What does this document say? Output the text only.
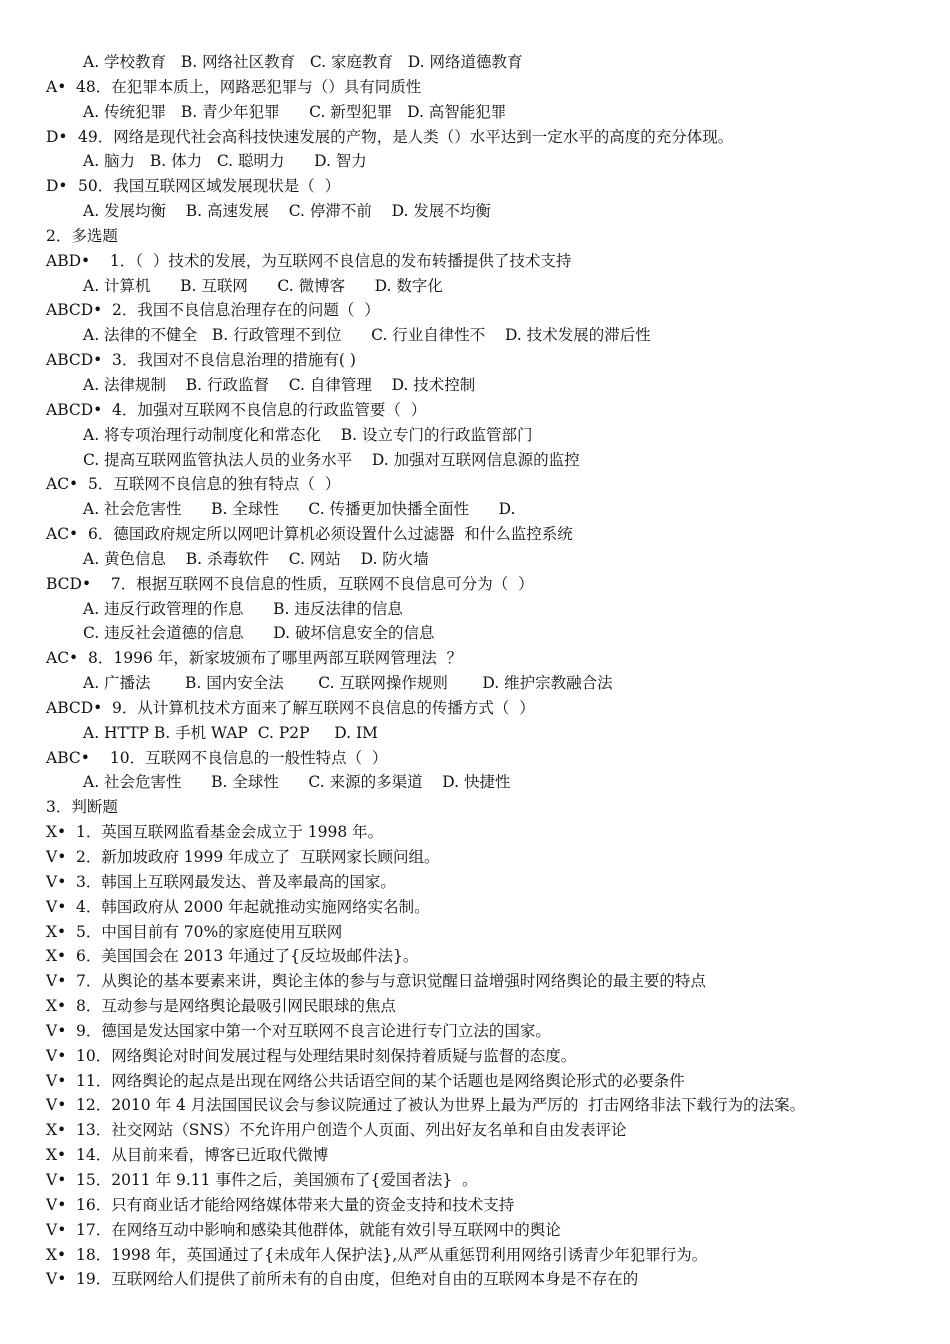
A. 学校教育   B. 网络社区教育   C. 家庭教育   D. 网络道德教育
A• 48．在犯罪本质上，网路恶犯罪与（）具有同质性
A. 传统犯罪   B. 青少年犯罪      C. 新型犯罪   D. 高智能犯罪
D• 49．网络是现代社会高科技快速发展的产物，是人类（）水平达到一定水平的高度的充分体现。
A. 脑力   B. 体力   C. 聪明力      D. 智力
D• 50．我国互联网区域发展现状是（  ）
A. 发展均衡    B. 高速发展    C. 停滞不前    D. 发展不均衡
2．多选题
ABD• 1．（  ）技术的发展，为互联网不良信息的发布转播提供了技术支持
A. 计算机      B. 互联网      C. 微博客      D. 数字化
ABCD• 2．我国不良信息治理存在的问题（  ）
A. 法律的不健全   B. 行政管理不到位      C. 行业自律性不    D. 技术发展的滞后性
ABCD• 3．我国对不良信息治理的措施有( )
A. 法律规制    B. 行政监督    C. 自律管理    D. 技术控制
ABCD• 4．加强对互联网不良信息的行政监管要（  ）
A. 将专项治理行动制度化和常态化    B. 设立专门的行政监管部门
C. 提高互联网监管执法人员的业务水平    D. 加强对互联网信息源的监控
AC• 5．互联网不良信息的独有特点（  ）
A. 社会危害性      B. 全球性      C. 传播更加快播全面性      D.
AC• 6．德国政府规定所以网吧计算机必须设置什么过滤器  和什么监控系统
A. 黄色信息    B. 杀毒软件    C. 网站    D. 防火墙
BCD• 7．根据互联网不良信息的性质，互联网不良信息可分为（  ）
A. 违反行政管理的作息      B. 违反法律的信息
C. 违反社会道德的信息      D. 破坏信息安全的信息
AC• 8．1996 年，新家坡颁布了哪里两部互联网管理法  ？
A. 广播法       B. 国内安全法       C. 互联网操作规则       D. 维护宗教融合法
ABCD• 9．从计算机技术方面来了解互联网不良信息的传播方式（  ）
A. HTTP B. 手机 WAP  C. P2P     D. IM
ABC• 10．互联网不良信息的一般性特点（  ）
A. 社会危害性      B. 全球性      C. 来源的多渠道    D. 快捷性
3．判断题
X• 1．英国互联网监看基金会成立于 1998 年。
V• 2．新加坡政府 1999 年成立了  互联网家长顾问组。
V• 3．韩国上互联网最发达、普及率最高的国家。
V• 4．韩国政府从 2000 年起就推动实施网络实名制。
X• 5．中国目前有 70%的家庭使用互联网
X• 6．美国国会在 2013 年通过了{反垃圾邮件法}。
V• 7．从舆论的基本要素来讲，舆论主体的参与与意识觉醒日益增强时网络舆论的最主要的特点
X• 8．互动参与是网络舆论最吸引网民眼球的焦点
V• 9．德国是发达国家中第一个对互联网不良言论进行专门立法的国家。
V• 10．网络舆论对时间发展过程与处理结果时刻保持着质疑与监督的态度。
V• 11．网络舆论的起点是出现在网络公共话语空间的某个话题也是网络舆论形式的必要条件
V• 12．2010 年 4 月法国国民议会与参议院通过了被认为世界上最为严厉的  打击网络非法下载行为的法案。
X• 13．社交网站（SNS）不允许用户创造个人页面、列出好友名单和自由发表评论
X• 14．从目前来看，博客已近取代微博
V• 15．2011 年 9.11 事件之后，美国颁布了{爱国者法}  。
V• 16．只有商业话才能给网络媒体带来大量的资金支持和技术支持
V• 17．在网络互动中影响和感染其他群体，就能有效引导互联网中的舆论
X• 18．1998 年，英国通过了{未成年人保护法},从严从重惩罚利用网络引诱青少年犯罪行为。
V• 19．互联网给人们提供了前所未有的自由度，但绝对自由的互联网本身是不存在的
